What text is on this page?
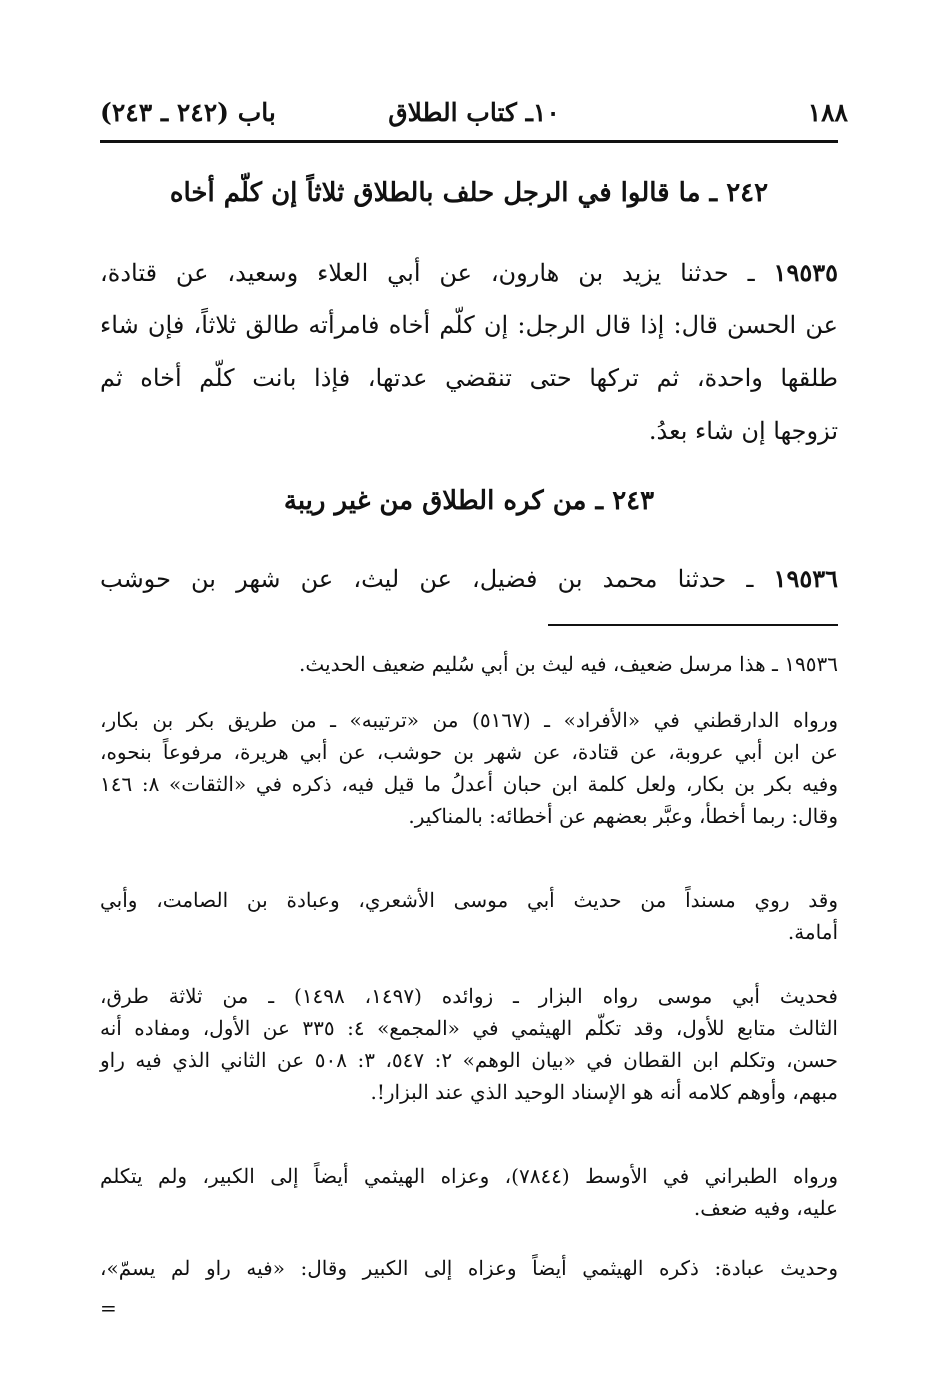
١٨٨
١٠ـ كتاب الطلاق
باب (٢٤٢ ـ ٢٤٣)
٢٤٢ ـ ما قالوا في الرجل حلف بالطلاق ثلاثاً إن كلّم أخاه
١٩٥٣٥ ـ حدثنا يزيد بن هارون، عن أبي العلاء وسعيد، عن قتادة،
عن الحسن قال: إذا قال الرجل: إن كلّم أخاه فامرأته طالق ثلاثاً، فإن شاء
طلقها واحدة، ثم تركها حتى تنقضي عدتها، فإذا بانت كلّم أخاه ثم
تزوجها إن شاء بعدُ.
٢٤٣ ـ من كره الطلاق من غير ريبة
١٩٥٣٦ ـ حدثنا محمد بن فضيل، عن ليث، عن شهر بن حوشب
١٩٥٣٦ ـ هذا مرسل ضعيف، فيه ليث بن أبي سُليم ضعيف الحديث.
ورواه الدارقطني في «الأفراد» ـ (٥١٦٧) من «ترتيبه» ـ من طريق بكر بن بكار،
عن ابن أبي عروبة، عن قتادة، عن شهر بن حوشب، عن أبي هريرة، مرفوعاً بنحوه،
وفيه بكر بن بكار، ولعل كلمة ابن حبان أعدلُ ما قيل فيه، ذكره في «الثقات» ٨: ١٤٦
وقال: ربما أخطأ، وعبَّر بعضهم عن أخطائه: بالمناكير.
وقد روي مسنداً من حديث أبي موسى الأشعري، وعبادة بن الصامت، وأبي
أمامة.
فحديث أبي موسى رواه البزار ـ زوائده (١٤٩٧، ١٤٩٨) ـ من ثلاثة طرق،
الثالث متابع للأول، وقد تكلّم الهيثمي في «المجمع» ٤: ٣٣٥ عن الأول، ومفاده أنه
حسن، وتكلم ابن القطان في «بيان الوهم» ٢: ٥٤٧، ٣: ٥٠٨ عن الثاني الذي فيه راو
مبهم، وأوهم كلامه أنه هو الإسناد الوحيد الذي عند البزار!.
ورواه الطبراني في الأوسط (٧٨٤٤)، وعزاه الهيثمي أيضاً إلى الكبير، ولم يتكلم
عليه، وفيه ضعف.
وحديث عبادة: ذكره الهيثمي أيضاً وعزاه إلى الكبير وقال: «فيه راو لم يسمّ»،
=
